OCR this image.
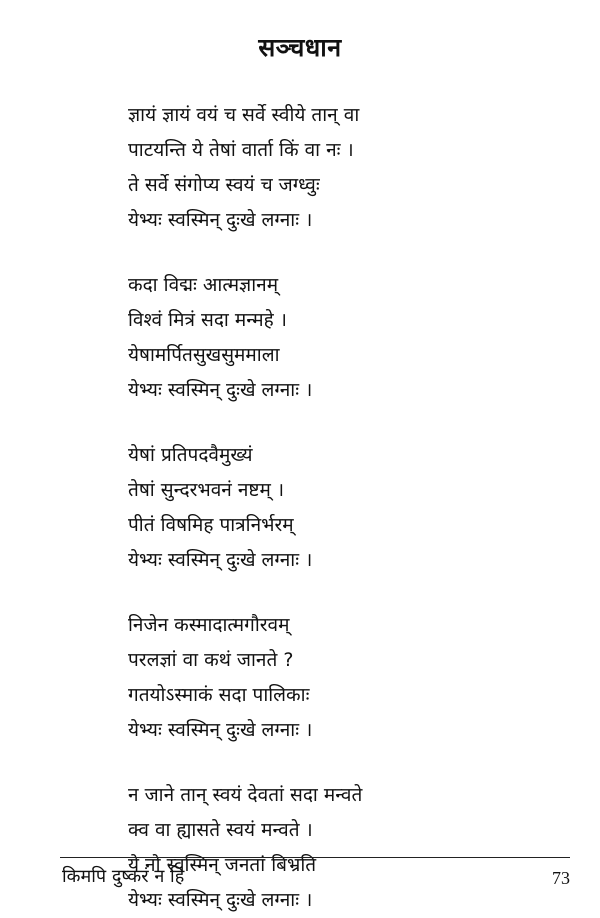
सञ्चधान
ज्ञायं ज्ञायं वयं च सर्वे स्वीये तान् वा
पाटयन्ति ये तेषां वार्ता किं वा नः ।
ते सर्वे संगोप्य स्वयं च जग्ध्वुः
येभ्यः स्वस्मिन् दुःखे लग्नाः ।
कदा विद्मः आत्मज्ञानम्
विश्वं मित्रं सदा मन्महे ।
येषामर्पितसुखसुममाला
येभ्यः स्वस्मिन् दुःखे लग्नाः ।
येषां प्रतिपदवैमुख्यं
तेषां सुन्दरभवनं नष्टम् ।
पीतं विषमिह पात्रनिर्भरम्
येभ्यः स्वस्मिन् दुःखे लग्नाः ।
निजेन कस्मादात्मगौरवम्
परलज्ञां वा कथं जानते ?
गतयोऽस्माकं सदा पालिकाः
येभ्यः स्वस्मिन् दुःखे लग्नाः ।
न जाने तान् स्वयं देवतां सदा मन्वते
क्व वा ह्यासते स्वयं मन्वते ।
ये नो स्वस्मिन् जनतां बिभ्रति
येभ्यः स्वस्मिन् दुःखे लग्नाः ।
किमपि दुष्करं न हि	73
